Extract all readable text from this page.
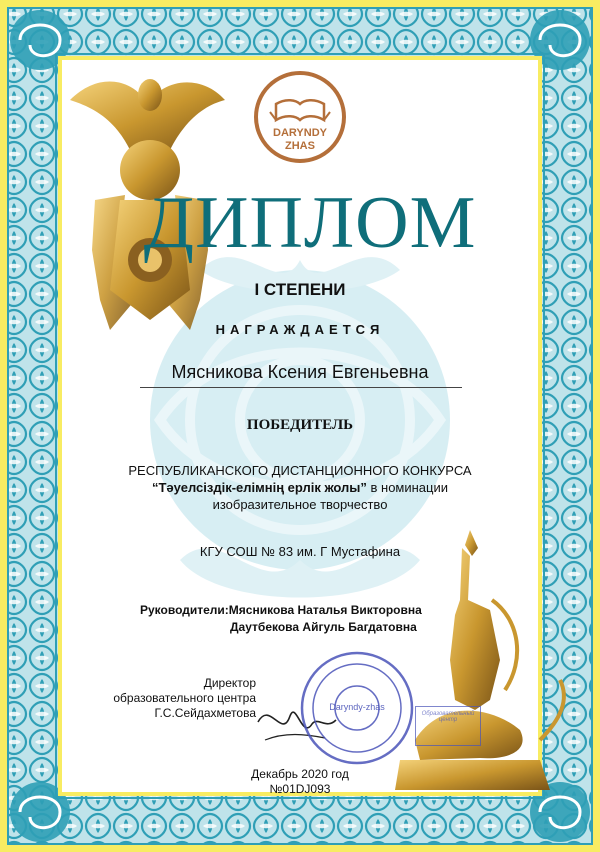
DARYNDY
ZHAS
ДИПЛОМ
I СТЕПЕНИ
НАГРАЖДАЕТСЯ
Мясникова Ксения Евгеньевна
ПОБЕДИТЕЛЬ
РЕСПУБЛИКАНСКОГО ДИСТАНЦИОННОГО КОНКУРСА
“Тәуелсіздік-елімнің ерлік жолы” в номинации
изобразительное творчество
КГУ СОШ № 83 им. Г Мустафина
Руководители:Мясникова Наталья Викторовна
Даутбекова Айгуль Багдатовна
Директор
образовательного центра
Г.С.Сейдахметова	Daryndy-zhas
Образовательный центр
Декабрь 2020 год
№01DJ093
